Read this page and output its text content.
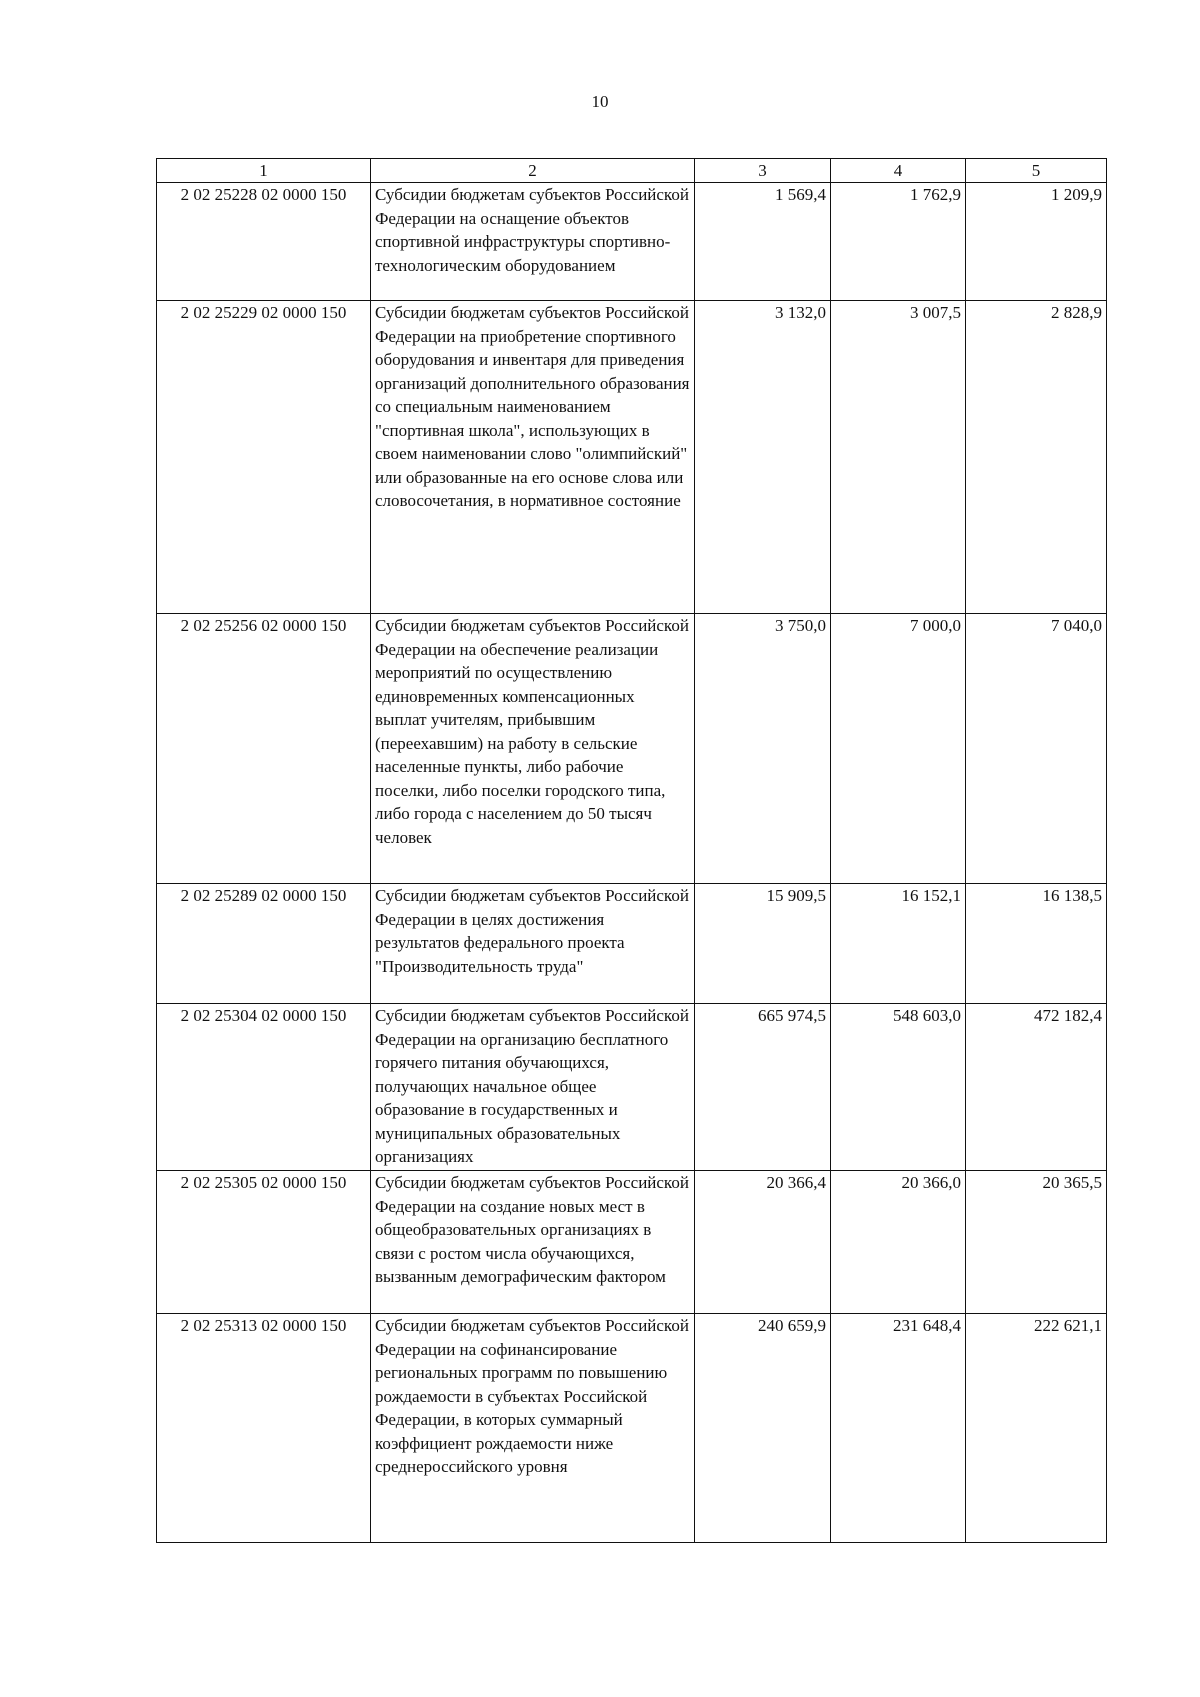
10
1	2	3	4	5
2 02 25228 02 0000 150	Субсидии бюджетам субъектов Российской Федерации на оснащение объектов спортивной инфраструктуры спортивно-технологическим оборудованием	1 569,4	1 762,9	1 209,9
2 02 25229 02 0000 150	Субсидии бюджетам субъектов Российской Федерации на приобретение спортивного оборудования и инвентаря для приведения организаций дополнительного образования со специальным наименованием "спортивная школа", использующих в своем наименовании слово "олимпийский" или образованные на его основе слова или словосочетания, в нормативное состояние	3 132,0	3 007,5	2 828,9
2 02 25256 02 0000 150	Субсидии бюджетам субъектов Российской Федерации на обеспечение реализации мероприятий по осуществлению единовременных компенсационных выплат учителям, прибывшим (переехавшим) на работу в сельские населенные пункты, либо рабочие поселки, либо поселки городского типа, либо города с населением до 50 тысяч человек	3 750,0	7 000,0	7 040,0
2 02 25289 02 0000 150	Субсидии бюджетам субъектов Российской Федерации в целях достижения результатов федерального проекта "Производительность труда"	15 909,5	16 152,1	16 138,5
2 02 25304 02 0000 150	Субсидии бюджетам субъектов Российской Федерации на организацию бесплатного горячего питания обучающихся, получающих начальное общее образование в государственных и муниципальных образовательных организациях	665 974,5	548 603,0	472 182,4
2 02 25305 02 0000 150	Субсидии бюджетам субъектов Российской Федерации на создание новых мест в общеобразовательных организациях в связи с ростом числа обучающихся, вызванным демографическим фактором	20 366,4	20 366,0	20 365,5
2 02 25313 02 0000 150	Субсидии бюджетам субъектов Российской Федерации на софинансирование региональных программ по повышению рождаемости в субъектах Российской Федерации, в которых суммарный коэффициент рождаемости ниже среднероссийского уровня	240 659,9	231 648,4	222 621,1
